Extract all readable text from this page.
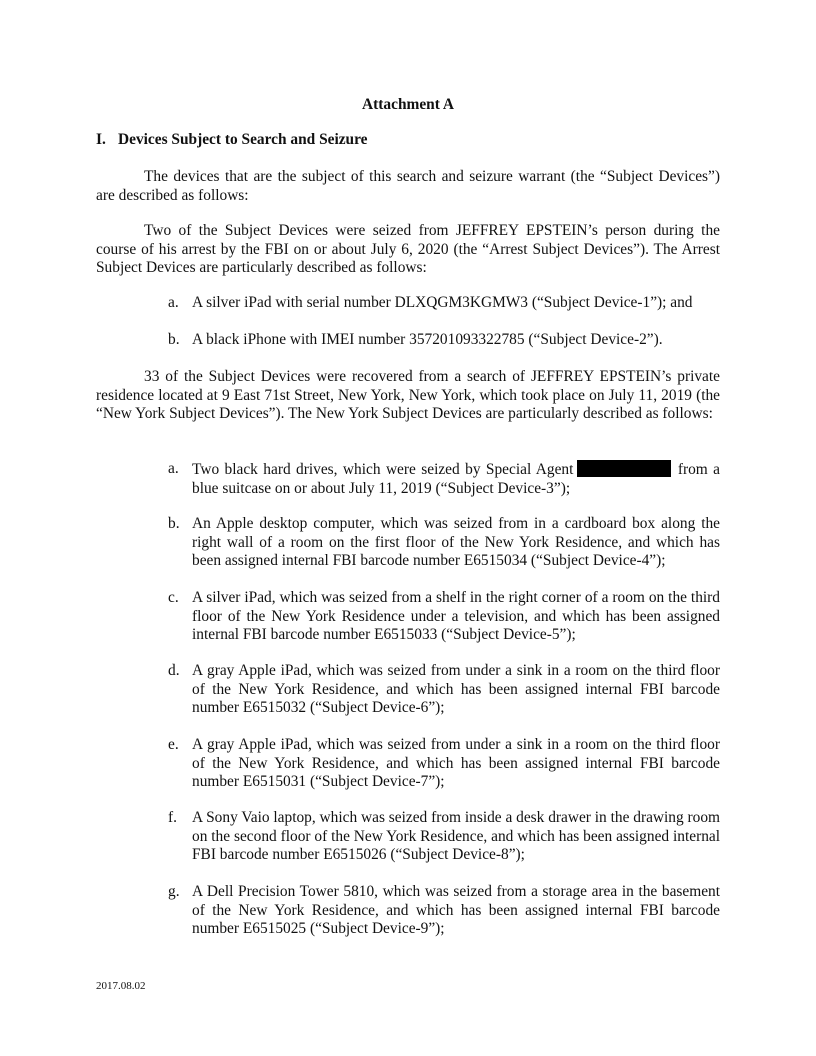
Attachment A
I. Devices Subject to Search and Seizure

The devices that are the subject of this search and seizure warrant (the “Subject Devices”) are described as follows:

Two of the Subject Devices were seized from JEFFREY EPSTEIN’s person during the course of his arrest by the FBI on or about July 6, 2020 (the “Arrest Subject Devices”). The Arrest Subject Devices are particularly described as follows:

a. A silver iPad with serial number DLXQGM3KGMW3 (“Subject Device-1”); and
b. A black iPhone with IMEI number 357201093322785 (“Subject Device-2”).

33 of the Subject Devices were recovered from a search of JEFFREY EPSTEIN’s private residence located at 9 East 71st Street, New York, New York, which took place on July 11, 2019 (the “New York Subject Devices”). The New York Subject Devices are particularly described as follows:

a. Two black hard drives, which were seized by Special Agent	from a blue suitcase on or about July 11, 2019 (“Subject Device-3”);
b. An Apple desktop computer, which was seized from in a cardboard box along the right wall of a room on the first floor of the New York Residence, and which has been assigned internal FBI barcode number E6515034 (“Subject Device-4”);
c. A silver iPad, which was seized from a shelf in the right corner of a room on the third floor of the New York Residence under a television, and which has been assigned internal FBI barcode number E6515033 (“Subject Device-5”);
d. A gray Apple iPad, which was seized from under a sink in a room on the third floor of the New York Residence, and which has been assigned internal FBI barcode number E6515032 (“Subject Device-6”);
e. A gray Apple iPad, which was seized from under a sink in a room on the third floor of the New York Residence, and which has been assigned internal FBI barcode number E6515031 (“Subject Device-7”);
f. A Sony Vaio laptop, which was seized from inside a desk drawer in the drawing room on the second floor of the New York Residence, and which has been assigned internal FBI barcode number E6515026 (“Subject Device-8”);
g. A Dell Precision Tower 5810, which was seized from a storage area in the basement of the New York Residence, and which has been assigned internal FBI barcode number E6515025 (“Subject Device-9”);
2017.08.02
